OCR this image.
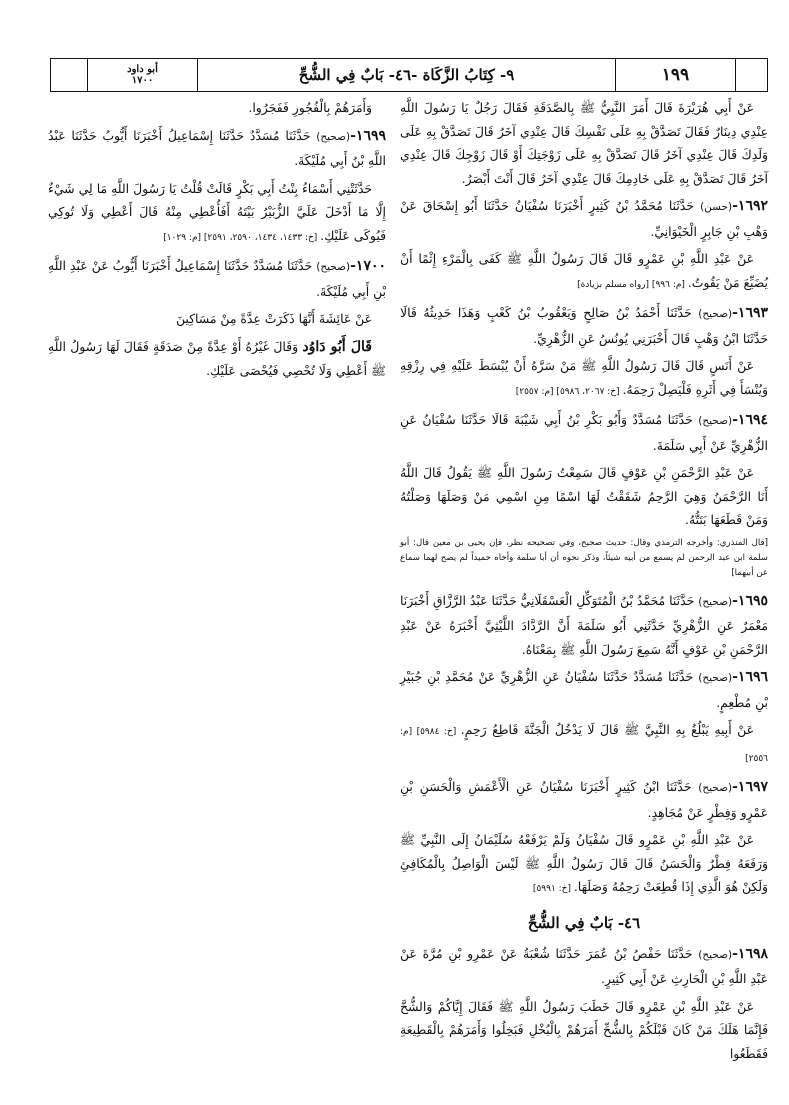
أبو داود
١٧٠٠	٩- كِتَابُ الزَّكَاة -٤٦- بَابٌ فِي الشُّحِّ	١٩٩

عَنْ أَبِي هُرَيْرَةَ قَالَ أَمَرَ النَّبِيُّ ﷺ بِالصَّدَقَةِ فَقَالَ رَجُلٌ يَا رَسُولَ اللَّهِ عِنْدِي دِينَارٌ فَقَالَ تَصَدَّقْ بِهِ عَلَى نَفْسِكَ قَالَ عِنْدِي آخَرُ قَالَ تَصَدَّقْ بِهِ عَلَى وَلَدِكَ قَالَ عِنْدِي آخَرُ قَالَ تَصَدَّقْ بِهِ عَلَى زَوْجَتِكَ أَوْ قَالَ زَوْجِكَ قَالَ عِنْدِي آخَرُ قَالَ تَصَدَّقْ بِهِ عَلَى خَادِمِكَ قَالَ عِنْدِي آخَرُ قَالَ أَنْتَ أَبْصَرُ.

١٦٩٢-(حسن) حَدَّثَنَا مُحَمَّدُ بْنُ كَثِيرٍ أَخْبَرَنَا سُفْيَانُ حَدَّثَنَا أَبُو إِسْحَاقَ عَنْ وَهْبِ بْنِ جَابِرٍ الْخَيْوَانِيِّ.

عَنْ عَبْدِ اللَّهِ بْنِ عَمْرٍو قَالَ قَالَ رَسُولُ اللَّهِ ﷺ كَفَى بِالْمَرْءِ إِثْمًا أَنْ يُضَيِّعَ مَنْ يَقُوتُ. [م: ٩٩٦] [رواه مسلم بزيادة]

١٦٩٣-(صحيح) حَدَّثَنَا أَحْمَدُ بْنُ صَالِحٍ وَيَعْقُوبُ بْنُ كَعْبٍ وَهَذَا حَدِيثُهُ قَالَا حَدَّثَنَا ابْنُ وَهْبٍ قَالَ أَخْبَرَنِي يُونُسُ عَنِ الزُّهْرِيِّ.

عَنْ أَنَسٍ قَالَ قَالَ رَسُولُ اللَّهِ ﷺ مَنْ سَرَّهُ أَنْ يُبْسَطَ عَلَيْهِ فِي رِزْقِهِ وَيُنْسَأَ فِي أَثَرِهِ فَلْيَصِلْ رَحِمَهُ. [خ: ٢٠٦٧، ٥٩٨٦] [م: ٢٥٥٧]

١٦٩٤-(صحيح) حَدَّثَنَا مُسَدَّدٌ وَأَبُو بَكْرِ بْنُ أَبِي شَيْبَةَ قَالَا حَدَّثَنَا سُفْيَانُ عَنِ الزُّهْرِيِّ عَنْ أَبِي سَلَمَةَ.

عَنْ عَبْدِ الرَّحْمَنِ بْنِ عَوْفٍ قَالَ سَمِعْتُ رَسُولَ اللَّهِ ﷺ يَقُولُ قَالَ اللَّهُ أَنَا الرَّحْمَنُ وَهِيَ الرَّحِمُ شَقَقْتُ لَهَا اسْمًا مِنِ اسْمِي مَنْ وَصَلَهَا وَصَلْتُهُ وَمَنْ قَطَعَهَا بَتَتُّهُ.

[قال المنذري: وأخرجه الترمذي وقال: حديث صحيح، وفي تصحيحه نظر، فإن يحيى بن معين قال: أبو سلمة ابن عبد الرحمن لم يسمع من أبيه شيئاً، وذكر نحوه أن أبا سلمة وأخاه حميداً لم يصح لهما سماع عن أبيهما]

١٦٩٥-(صحيح) حَدَّثَنَا مُحَمَّدُ بْنُ الْمُتَوَكِّلِ الْعَسْقَلَانِيُّ حَدَّثَنَا عَبْدُ الرَّزَّاقِ أَخْبَرَنَا مَعْمَرٌ عَنِ الزُّهْرِيِّ حَدَّثَنِي أَبُو سَلَمَةَ أَنَّ الرَّدَّادَ اللَّيْثِيَّ أَخْبَرَهُ عَنْ عَبْدِ الرَّحْمَنِ بْنِ عَوْفٍ أَنَّهُ سَمِعَ رَسُولَ اللَّهِ ﷺ بِمَعْنَاهُ.

١٦٩٦-(صحيح) حَدَّثَنَا مُسَدَّدٌ حَدَّثَنَا سُفْيَانُ عَنِ الزُّهْرِيِّ عَنْ مُحَمَّدِ بْنِ جُبَيْرِ بْنِ مُطْعِمٍ.

عَنْ أَبِيهِ يَبْلُغُ بِهِ النَّبِيَّ ﷺ قَالَ لَا يَدْخُلُ الْجَنَّةَ قَاطِعُ رَحِمٍ. [خ: ٥٩٨٤] [م: ٢٥٥٦]

١٦٩٧-(صحيح) حَدَّثَنَا ابْنُ كَثِيرٍ أَخْبَرَنَا سُفْيَانُ عَنِ الْأَعْمَشِ وَالْحَسَنِ بْنِ عَمْرٍو وَفِطْرٍ عَنْ مُجَاهِدٍ.

عَنْ عَبْدِ اللَّهِ بْنِ عَمْرٍو قَالَ سُفْيَانُ وَلَمْ يَرْفَعْهُ سُلَيْمَانُ إِلَى النَّبِيِّ ﷺ وَرَفَعَهُ فِطْرٌ وَالْحَسَنُ قَالَ قَالَ رَسُولُ اللَّهِ ﷺ لَيْسَ الْوَاصِلُ بِالْمُكَافِئِ وَلَكِنْ هُوَ الَّذِي إِذَا قُطِعَتْ رَحِمُهُ وَصَلَهَا. [خ: ٥٩٩١]

٤٦- بَابٌ فِي الشُّحِّ

١٦٩٨-(صحيح) حَدَّثَنَا حَفْصُ بْنُ عُمَرَ حَدَّثَنَا شُعْبَةُ عَنْ عَمْرِو بْنِ مُرَّةَ عَنْ عَبْدِ اللَّهِ بْنِ الْحَارِثِ عَنْ أَبِي كَثِيرٍ.

عَنْ عَبْدِ اللَّهِ بْنِ عَمْرٍو قَالَ خَطَبَ رَسُولُ اللَّهِ ﷺ فَقَالَ إِيَّاكُمْ وَالشُّحَّ فَإِنَّمَا هَلَكَ مَنْ كَانَ قَبْلَكُمْ بِالشُّحِّ أَمَرَهُمْ بِالْبُخْلِ فَبَخِلُوا وَأَمَرَهُمْ بِالْقَطِيعَةِ فَقَطَعُوا

وَأَمَرَهُمْ بِالْفُجُورِ فَفَجَرُوا.

١٦٩٩-(صحيح) حَدَّثَنَا مُسَدَّدٌ حَدَّثَنَا إِسْمَاعِيلُ أَخْبَرَنَا أَيُّوبُ حَدَّثَنَا عَبْدُ اللَّهِ بْنُ أَبِي مُلَيْكَةَ.

حَدَّثَتْنِي أَسْمَاءُ بِنْتُ أَبِي بَكْرٍ قَالَتْ قُلْتُ يَا رَسُولَ اللَّهِ مَا لِي شَيْءٌ إِلَّا مَا أَدْخَلَ عَلَيَّ الزُّبَيْرُ بَيْتَهُ أَفَأُعْطِي مِنْهُ قَالَ أَعْطِي وَلَا تُوكِي فَيُوكَى عَلَيْكِ. [خ: ١٤٣٣، ١٤٣٤، ٢٥٩٠، ٢٥٩١] [م: ١٠٢٩]

١٧٠٠-(صحيح) حَدَّثَنَا مُسَدَّدٌ حَدَّثَنَا إِسْمَاعِيلُ أَخْبَرَنَا أَيُّوبُ عَنْ عَبْدِ اللَّهِ بْنِ أَبِي مُلَيْكَةَ.

عَنْ عَائِشَةَ أَنَّهَا ذَكَرَتْ عِدَّةً مِنْ مَسَاكِينَ

قَالَ أَبُو دَاوُد وَقَالَ غَيْرُهُ أَوْ عِدَّةً مِنْ صَدَقَةٍ فَقَالَ لَهَا رَسُولُ اللَّهِ ﷺ أَعْطِي وَلَا تُحْصِي فَيُحْصَى عَلَيْكِ.
